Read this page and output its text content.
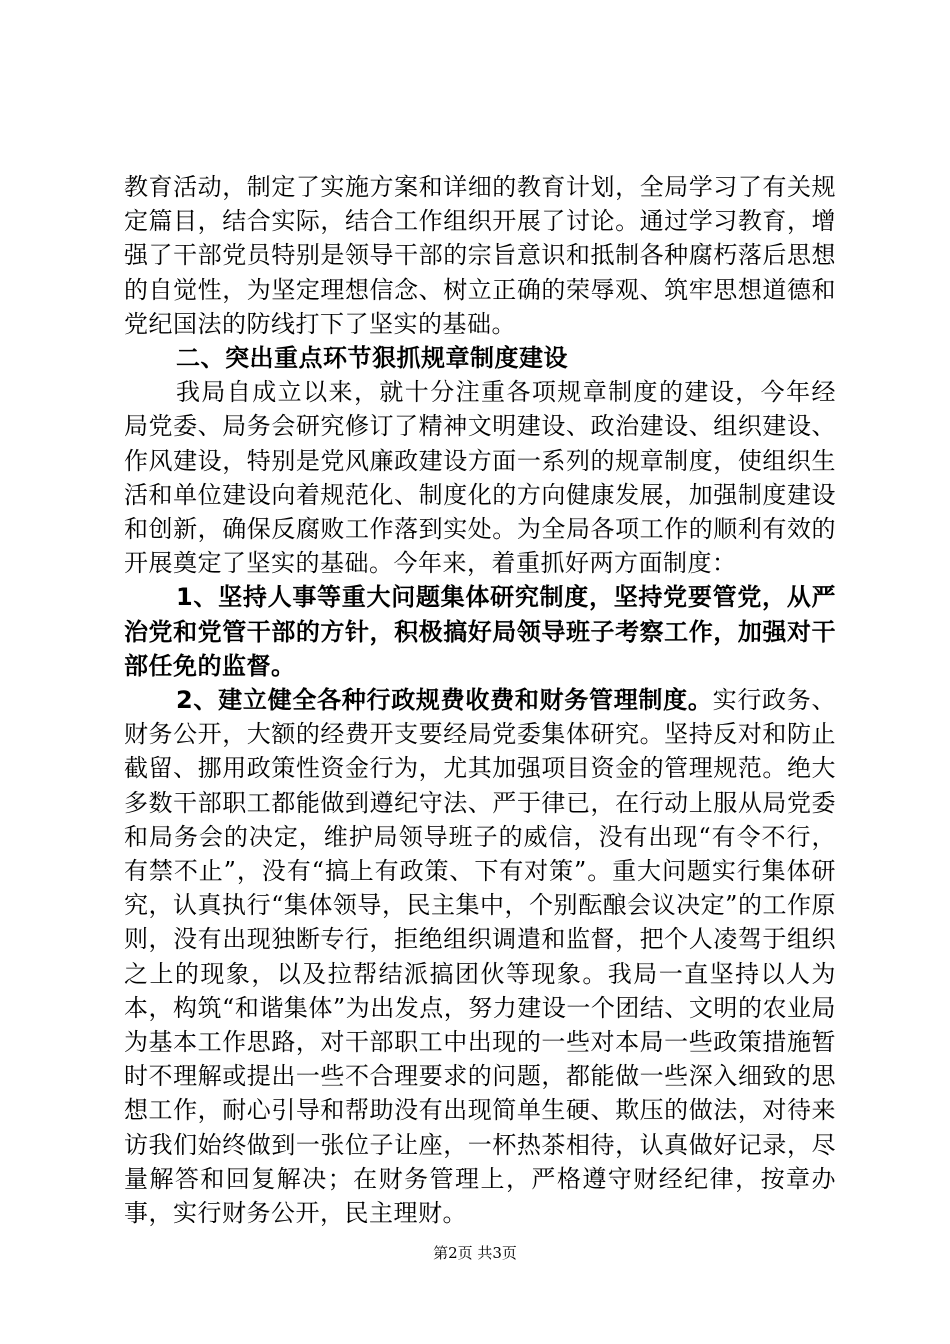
教育活动，制定了实施方案和详细的教育计划，全局学习了有关规定篇目，结合实际，结合工作组织开展了讨论。通过学习教育，增强了干部党员特别是领导干部的宗旨意识和抵制各种腐朽落后思想的自觉性，为坚定理想信念、树立正确的荣辱观、筑牢思想道德和党纪国法的防线打下了坚实的基础。

二、突出重点环节狠抓规章制度建设

我局自成立以来，就十分注重各项规章制度的建设，今年经局党委、局务会研究修订了精神文明建设、政治建设、组织建设、作风建设，特别是党风廉政建设方面一系列的规章制度，使组织生活和单位建设向着规范化、制度化的方向健康发展，加强制度建设和创新，确保反腐败工作落到实处。为全局各项工作的顺利有效的开展奠定了坚实的基础。今年来，着重抓好两方面制度：

1、坚持人事等重大问题集体研究制度，坚持党要管党，从严治党和党管干部的方针，积极搞好局领导班子考察工作，加强对干部任免的监督。

2、建立健全各种行政规费收费和财务管理制度。实行政务、财务公开，大额的经费开支要经局党委集体研究。坚持反对和防止截留、挪用政策性资金行为，尤其加强项目资金的管理规范。绝大多数干部职工都能做到遵纪守法、严于律已，在行动上服从局党委和局务会的决定，维护局领导班子的威信，没有出现“有令不行，有禁不止”，没有“搞上有政策、下有对策”。重大问题实行集体研究，认真执行“集体领导，民主集中，个别酝酿会议决定”的工作原则，没有出现独断专行，拒绝组织调遣和监督，把个人凌驾于组织之上的现象，以及拉帮结派搞团伙等现象。我局一直坚持以人为本，构筑“和谐集体”为出发点，努力建设一个团结、文明的农业局为基本工作思路，对干部职工中出现的一些对本局一些政策措施暂时不理解或提出一些不合理要求的问题，都能做一些深入细致的思想工作，耐心引导和帮助没有出现简单生硬、欺压的做法，对待来访我们始终做到一张位子让座，一杯热茶相待，认真做好记录，尽量解答和回复解决；在财务管理上，严格遵守财经纪律，按章办事，实行财务公开，民主理财。

第2页 共3页
